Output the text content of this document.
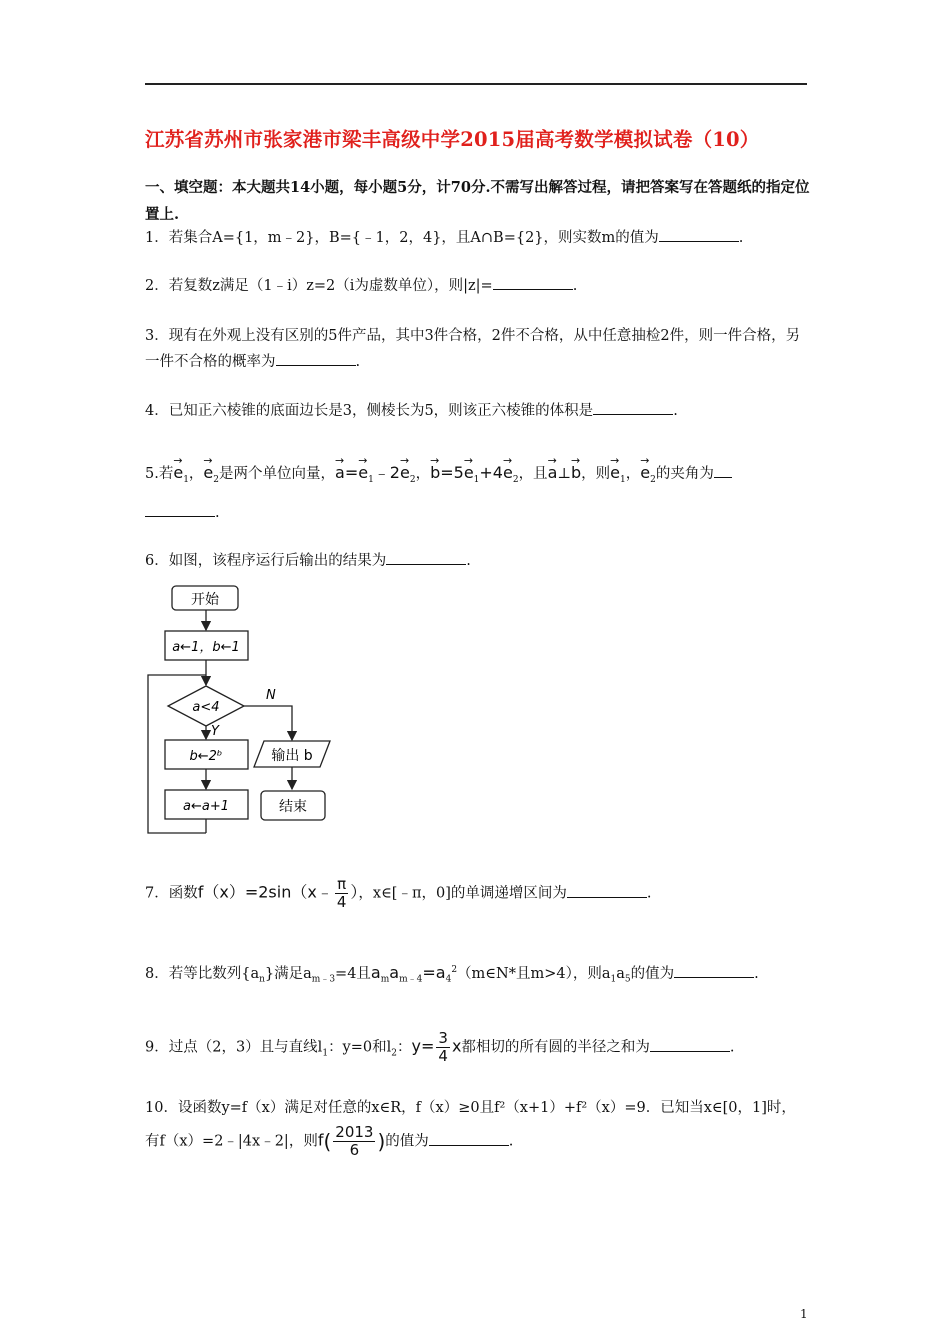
江苏省苏州市张家港市梁丰高级中学2015届高考数学模拟试卷（10）
一、填空题：本大题共14小题，每小题5分，计70分.不需写出解答过程，请把答案写在答题纸的指定位置上.
1．若集合A={1，m﹣2}，B={﹣1，2，4}，且A∩B={2}，则实数m的值为	.
2．若复数z满足（1﹣i）z=2（i为虚数单位），则|z|=	.
3．现有在外观上没有区别的5件产品，其中3件合格，2件不合格，从中任意抽检2件，则一件合格，另一件不合格的概率为	.
4．已知正六棱锥的底面边长是3，侧棱长为5，则该正六棱锥的体积是	.
5.若→ $e_1$，→ $e_2$是两个单位向量，→ $a=\to e_1﹣2\to e_2$，→ $b=5\to e_1+4\to e_2$，且→ a⊥→ b，则→ $e_1$，→ $e_2$的夹角为
.
6．如图，该程序运行后输出的结果为	.
开始
a←1，b←1
a<4
N
Y
b←2ᵇ
a←a+1
输出 b
结束
7．函数f（x）=2sin（x﹣ $\frac{\pi}{4}$ ），x∈[﹣π，0]的单调递增区间为	.
8．若等比数列$\{a_n\}$满足$a_{m﹣3}=4$且$a_ma_{m﹣4}=a_4^2(m\in N*$且m>4），则$a_1a_5$的值为	.
9．过点（2，3）且与直线$l_1$：y=0和$l_2$：$y= \frac{3}{4}$ x都相切的所有圆的半径之和为	.
10．设函数y=f（x）满足对任意的x∈R，f（x）≥0且f²（x+1）+f²（x）=9．已知当x∈[0，1]时，
有f（x）=2﹣|4x﹣2|，则$f( \frac{2013}{6}$ )的值为	.
1
